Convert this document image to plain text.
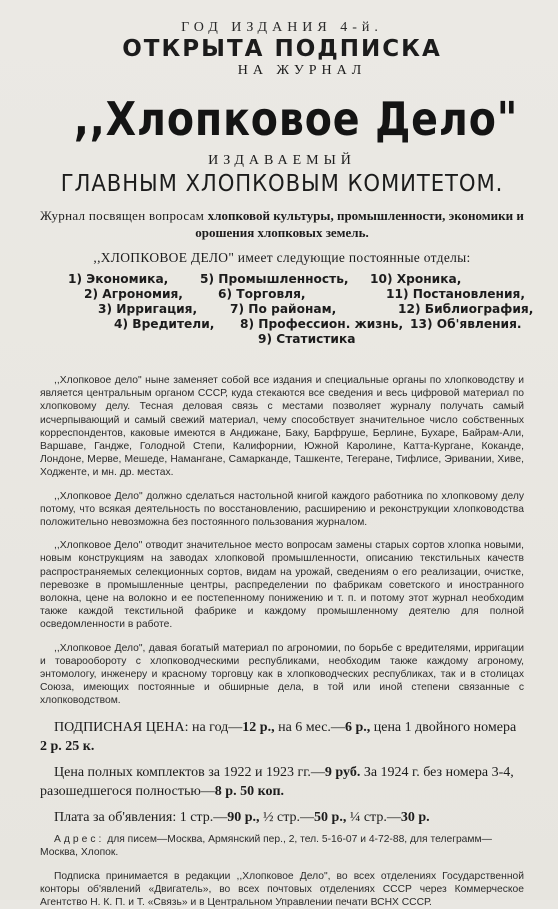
ГОД ИЗДАНИЯ 4-й.
ОТКРЫТА ПОДПИСКА
НА ЖУРНАЛ
,,Хлопковое Дело"
ИЗДАВАЕМЫЙ
ГЛАВНЫМ ХЛОПКОВЫМ КОМИТЕТОМ.
Журнал посвящен вопросам хлопковой культуры, промышленности, экономики и орошения хлопковых земель.
,,ХЛОПКОВОЕ ДЕЛО" имеет следующие постоянные отделы:
1) Экономика,	5) Промышленность, 10) Хроника,
2) Агрономия,	6) Торговля,	11) Постановления,
3) Ирригация,	7) По районам,	12) Библиография,
4) Вредители, 8) Профессион. жизнь, 13) Об'явления.
9) Статистика
,,Хлопковое дело" ныне заменяет собой все издания и специальные органы по хлопководству и является центральным органом СССР, куда стекаются все сведения и весь цифровой материал по хлопковому делу. Тесная деловая связь с местами позволяет журналу получать самый исчерпывающий и самый свежий материал, чему способствует значительное число собственных корреспондентов, каковые имеются в Андижане, Баку, Барфруше, Берлине, Бухаре, Байрам-Али, Варшаве, Ганджe, Голодной Степи, Калифорнии, Южной Каролине, Катта-Кургане, Коканде, Лондоне, Мерве, Мешеде, Намангане, Самарканде, Ташкенте, Тегеране, Тифлисе, Эривании, Хиве, Ходженте, и мн. др. местах.
,,Хлопковое Дело" должно сделаться настольной книгой каждого работника по хлопковому делу потому, что всякая деятельность по восстановлению, расширению и реконструкции хлопководства положительно невозможна без постоянного пользования журналом.
,,Хлопковое Дело" отводит значительное место вопросам замены старых сортов хлопка новыми, новым конструкциям на заводах хлопковой промышленности, описанию текстильных качеств распространяемых селекционных сортов, видам на урожай, сведениям о его реализации, очистке, перевозке в промышленные центры, распределении по фабрикам советского и иностранного волокна, цене на волокно и ее постепенному понижению и т. п. и потому этот журнал необходим также каждой текстильной фабрике и каждому промышленному деятелю для полной осведомленности в работе.
,,Хлопковое Дело", давая богатый материал по агрономии, по борьбе с вредителями, ирригации и товарообороту с хлопководческими республиками, необходим также каждому агроному, энтомологу, инженеру и красному торговцу как в хлопководческих республиках, так и в столицах Союза, имеющих постоянные и обширные дела, в той или иной степени связанные с хлопководством.
ПОДПИСНАЯ ЦЕНА: на год—12 р., на 6 мес.—6 р., цена 1 двойного номера 2 р. 25 к.
Цена полных комплектов за 1922 и 1923 гг.—9 руб. За 1924 г. без номера 3-4, разошедшегося полностью—8 р. 50 коп.
Плата за об'явления: 1 стр.—90 р., ½ стр.—50 р., ¼ стр.—30 р.
Адрес: для писем—Москва, Армянский пер., 2, тел. 5-16-07 и 4-72-88, для телеграмм—Москва, Хлопок.
Подписка принимается в редакции ,,Хлопковое Дело", во всех отделениях Государственной конторы об'явлений «Двигатель», во всех почтовых отделениях СССР через Коммерческое Агентство Н. К. П. и Т. «Связь» и в Центральном Управлении печати ВСНХ СССР.
